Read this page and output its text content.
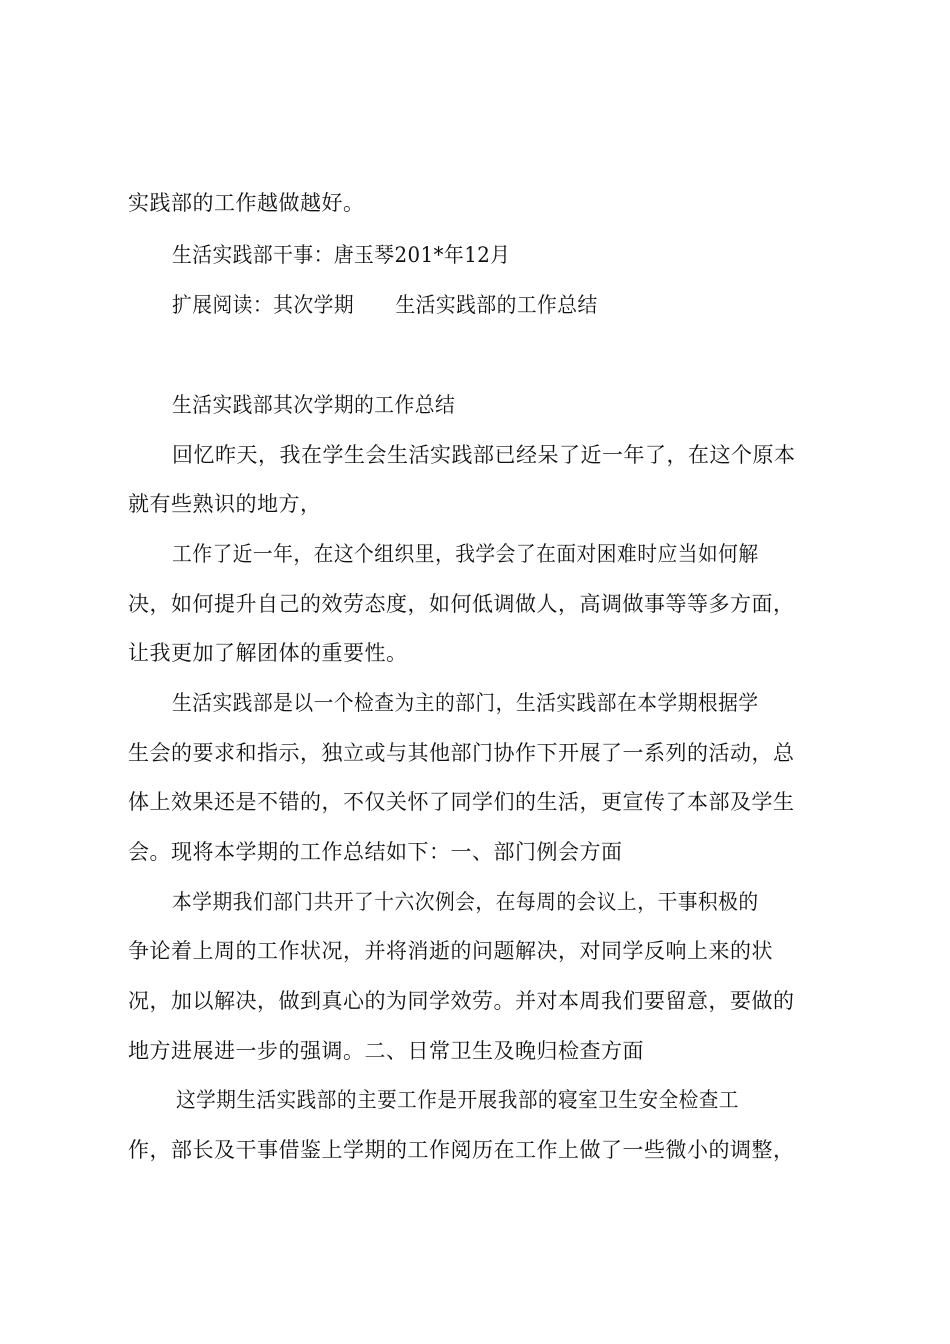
实践部的工作越做越好。
生活实践部干事：唐玉琴201*年12月
扩展阅读：其次学期 生活实践部的工作总结
生活实践部其次学期的工作总结
回忆昨天，我在学生会生活实践部已经呆了近一年了，在这个原本
就有些熟识的地方，
工作了近一年，在这个组织里，我学会了在面对困难时应当如何解
决，如何提升自己的效劳态度，如何低调做人，高调做事等等多方面，
让我更加了解团体的重要性。
生活实践部是以一个检查为主的部门，生活实践部在本学期根据学
生会的要求和指示，独立或与其他部门协作下开展了一系列的活动，总
体上效果还是不错的，不仅关怀了同学们的生活，更宣传了本部及学生
会。现将本学期的工作总结如下：一、部门例会方面
本学期我们部门共开了十六次例会，在每周的会议上，干事积极的
争论着上周的工作状况，并将消逝的问题解决，对同学反响上来的状
况，加以解决，做到真心的为同学效劳。并对本周我们要留意，要做的
地方进展进一步的强调。二、日常卫生及晚归检查方面
这学期生活实践部的主要工作是开展我部的寝室卫生安全检查工
作，部长及干事借鉴上学期的工作阅历在工作上做了一些微小的调整，
